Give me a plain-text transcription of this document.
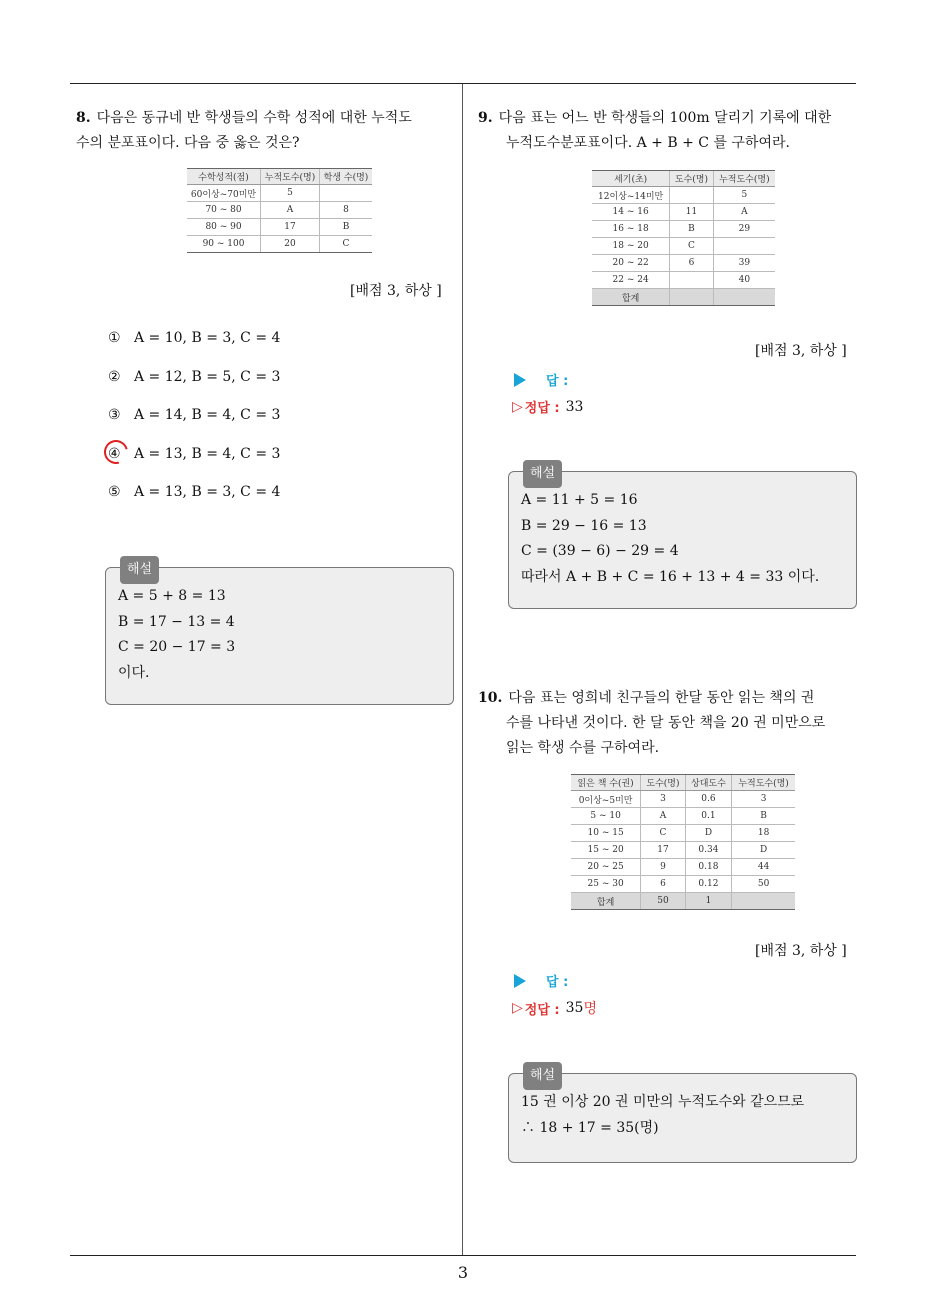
8. 다음은 동규네 반 학생들의 수학 성적에 대한 누적도
수의 분포표이다. 다음 중 옳은 것은?
수학성적(점)	누적도수(명)	학생 수(명)
60이상~70미만	5	
70 ~ 80	A	8
80 ~ 90	17	B
90 ~ 100	20	C
[배점 3, 하상 ]
① A = 10, B = 3, C = 4
② A = 12, B = 5, C = 3
③ A = 14, B = 4, C = 3
④ A = 13, B = 4, C = 3
⑤ A = 13, B = 3, C = 4
해설
A = 5 + 8 = 13
B = 17 − 13 = 4
C = 20 − 17 = 3
이다.
9. 다음 표는 어느 반 학생들의 100m 달리기 기록에 대한
누적도수분포표이다. A + B + C 를 구하여라.
세기(초)	도수(명)	누적도수(명)
12이상~14미만		5
14 ~ 16	11	A
16 ~ 18	B	29
18 ~ 20	C	
20 ~ 22	6	39
22 ~ 24		40
합계		
[배점 3, 하상 ]
답 :
▷ 정답 : 33
해설
A = 11 + 5 = 16
B = 29 − 16 = 13
C = (39 − 6) − 29 = 4
따라서 A + B + C = 16 + 13 + 4 = 33 이다.
10. 다음 표는 영희네 친구들의 한달 동안 읽는 책의 권
수를 나타낸 것이다. 한 달 동안 책을 20 권 미만으로
읽는 학생 수를 구하여라.
읽은 책 수(권)	도수(명)	상대도수	누적도수(명)
0이상~5미만	3	0.6	3
5 ~ 10	A	0.1	B
10 ~ 15	C	D	18
15 ~ 20	17	0.34	D
20 ~ 25	9	0.18	44
25 ~ 30	6	0.12	50
합계	50	1	
[배점 3, 하상 ]
답 :
▷ 정답 : 35 명
해설
15 권 이상 20 권 미만의 누적도수와 같으므로
∴ 18 + 17 = 35(명)
3
